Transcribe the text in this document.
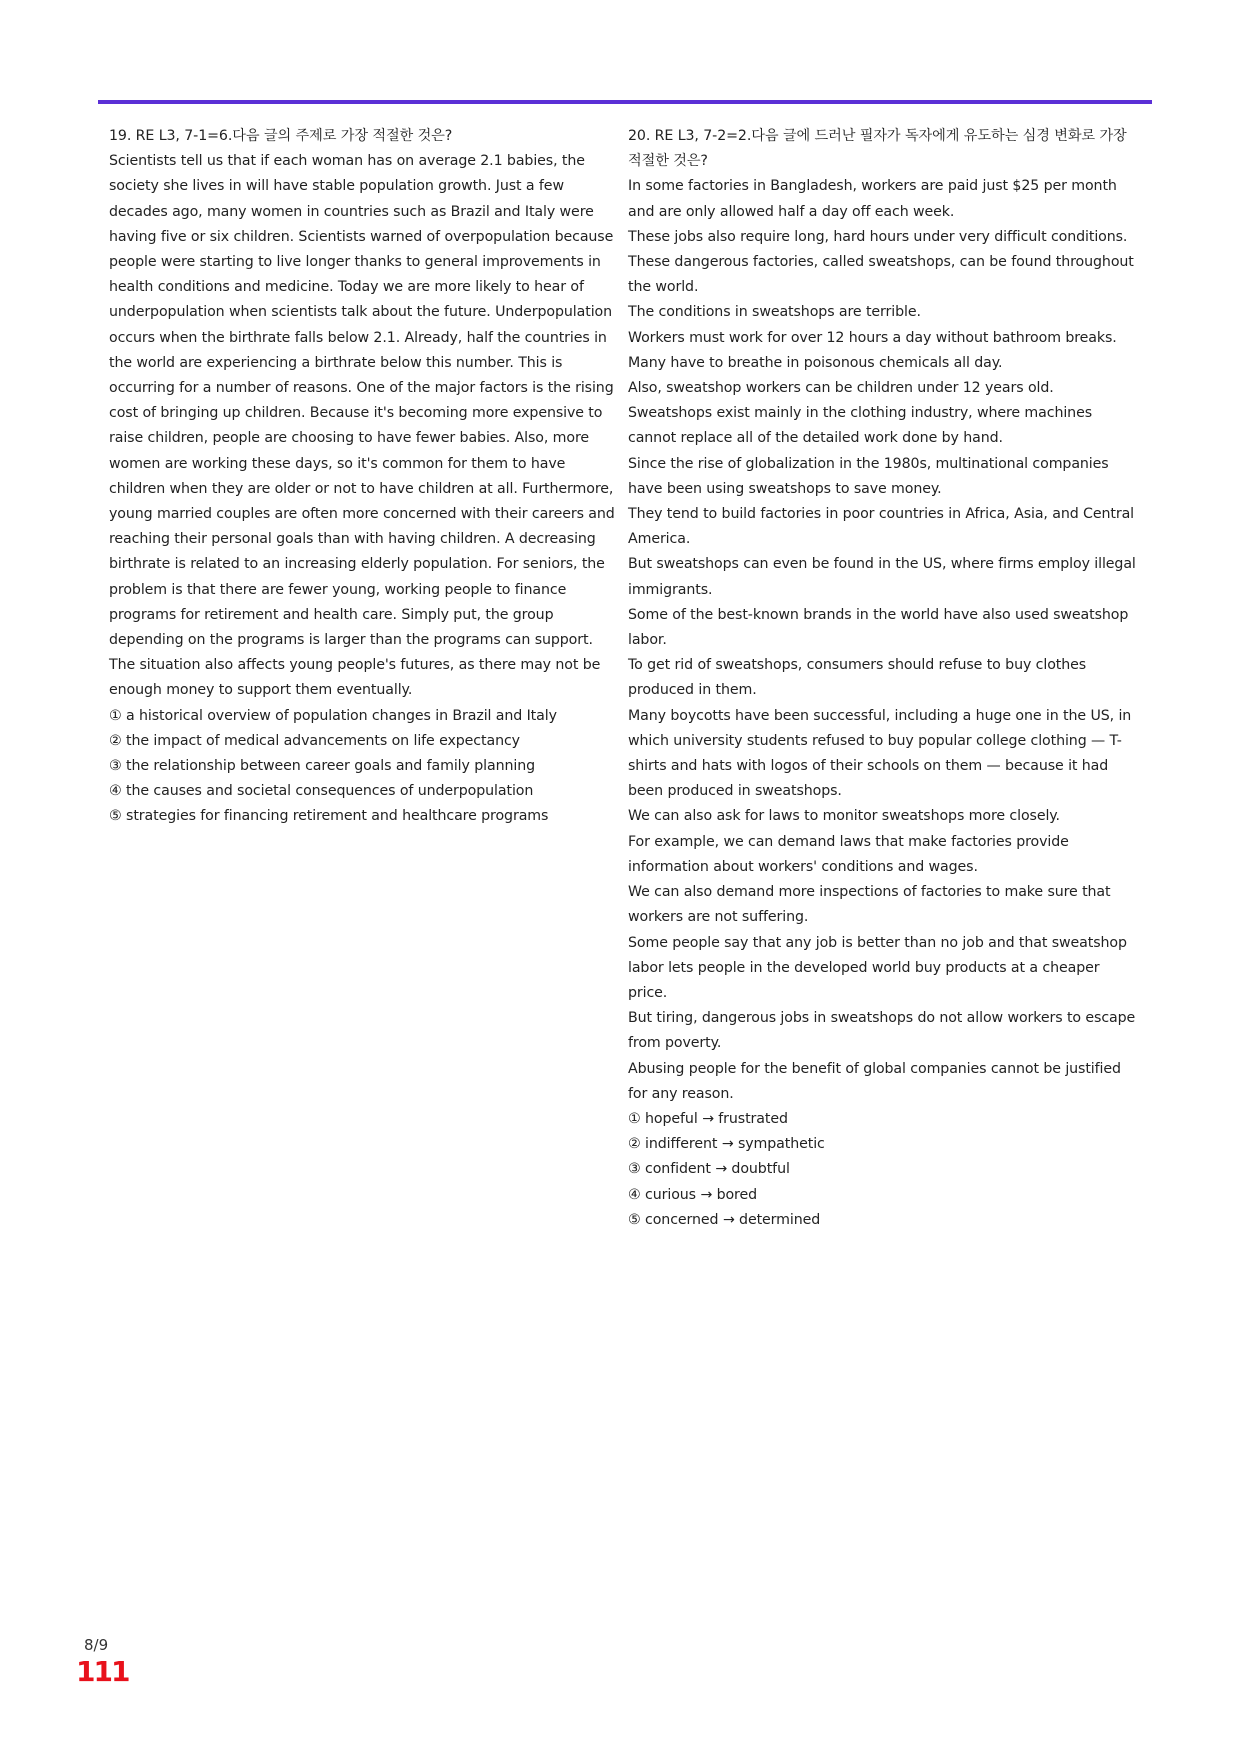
19. RE L3, 7-1=6.다음 글의 주제로 가장 적절한 것은?

Scientists tell us that if each woman has on average 2.1 babies, the society she lives in will have stable population growth. Just a few decades ago, many women in countries such as Brazil and Italy were having five or six children. Scientists warned of overpopulation because people were starting to live longer thanks to general improvements in health conditions and medicine. Today we are more likely to hear of underpopulation when scientists talk about the future. Underpopulation occurs when the birthrate falls below 2.1. Already, half the countries in the world are experiencing a birthrate below this number. This is occurring for a number of reasons. One of the major factors is the rising cost of bringing up children. Because it's becoming more expensive to raise children, people are choosing to have fewer babies. Also, more women are working these days, so it's common for them to have children when they are older or not to have children at all. Furthermore, young married couples are often more concerned with their careers and reaching their personal goals than with having children. A decreasing birthrate is related to an increasing elderly population. For seniors, the problem is that there are fewer young, working people to finance programs for retirement and health care. Simply put, the group depending on the programs is larger than the programs can support. The situation also affects young people's futures, as there may not be enough money to support them eventually.

① a historical overview of population changes in Brazil and Italy
② the impact of medical advancements on life expectancy
③ the relationship between career goals and family planning
④ the causes and societal consequences of underpopulation
⑤ strategies for financing retirement and healthcare programs

20. RE L3, 7-2=2.다음 글에 드러난 필자가 독자에게 유도하는 심경 변화로 가장 적절한 것은?

In some factories in Bangladesh, workers are paid just $25 per month and are only allowed half a day off each week.
These jobs also require long, hard hours under very difficult conditions.
These dangerous factories, called sweatshops, can be found throughout the world.
The conditions in sweatshops are terrible.
Workers must work for over 12 hours a day without bathroom breaks.
Many have to breathe in poisonous chemicals all day.
Also, sweatshop workers can be children under 12 years old.
Sweatshops exist mainly in the clothing industry, where machines cannot replace all of the detailed work done by hand.
Since the rise of globalization in the 1980s, multinational companies have been using sweatshops to save money.
They tend to build factories in poor countries in Africa, Asia, and Central America.
But sweatshops can even be found in the US, where firms employ illegal immigrants.
Some of the best-known brands in the world have also used sweatshop labor.
To get rid of sweatshops, consumers should refuse to buy clothes produced in them.
Many boycotts have been successful, including a huge one in the US, in which university students refused to buy popular college clothing — T-shirts and hats with logos of their schools on them — because it had been produced in sweatshops.
We can also ask for laws to monitor sweatshops more closely.
For example, we can demand laws that make factories provide information about workers' conditions and wages.
We can also demand more inspections of factories to make sure that workers are not suffering.
Some people say that any job is better than no job and that sweatshop labor lets people in the developed world buy products at a cheaper price.
But tiring, dangerous jobs in sweatshops do not allow workers to escape from poverty.
Abusing people for the benefit of global companies cannot be justified for any reason.
① hopeful → frustrated
② indifferent → sympathetic
③ confident → doubtful
④ curious → bored
⑤ concerned → determined
8/9
111
